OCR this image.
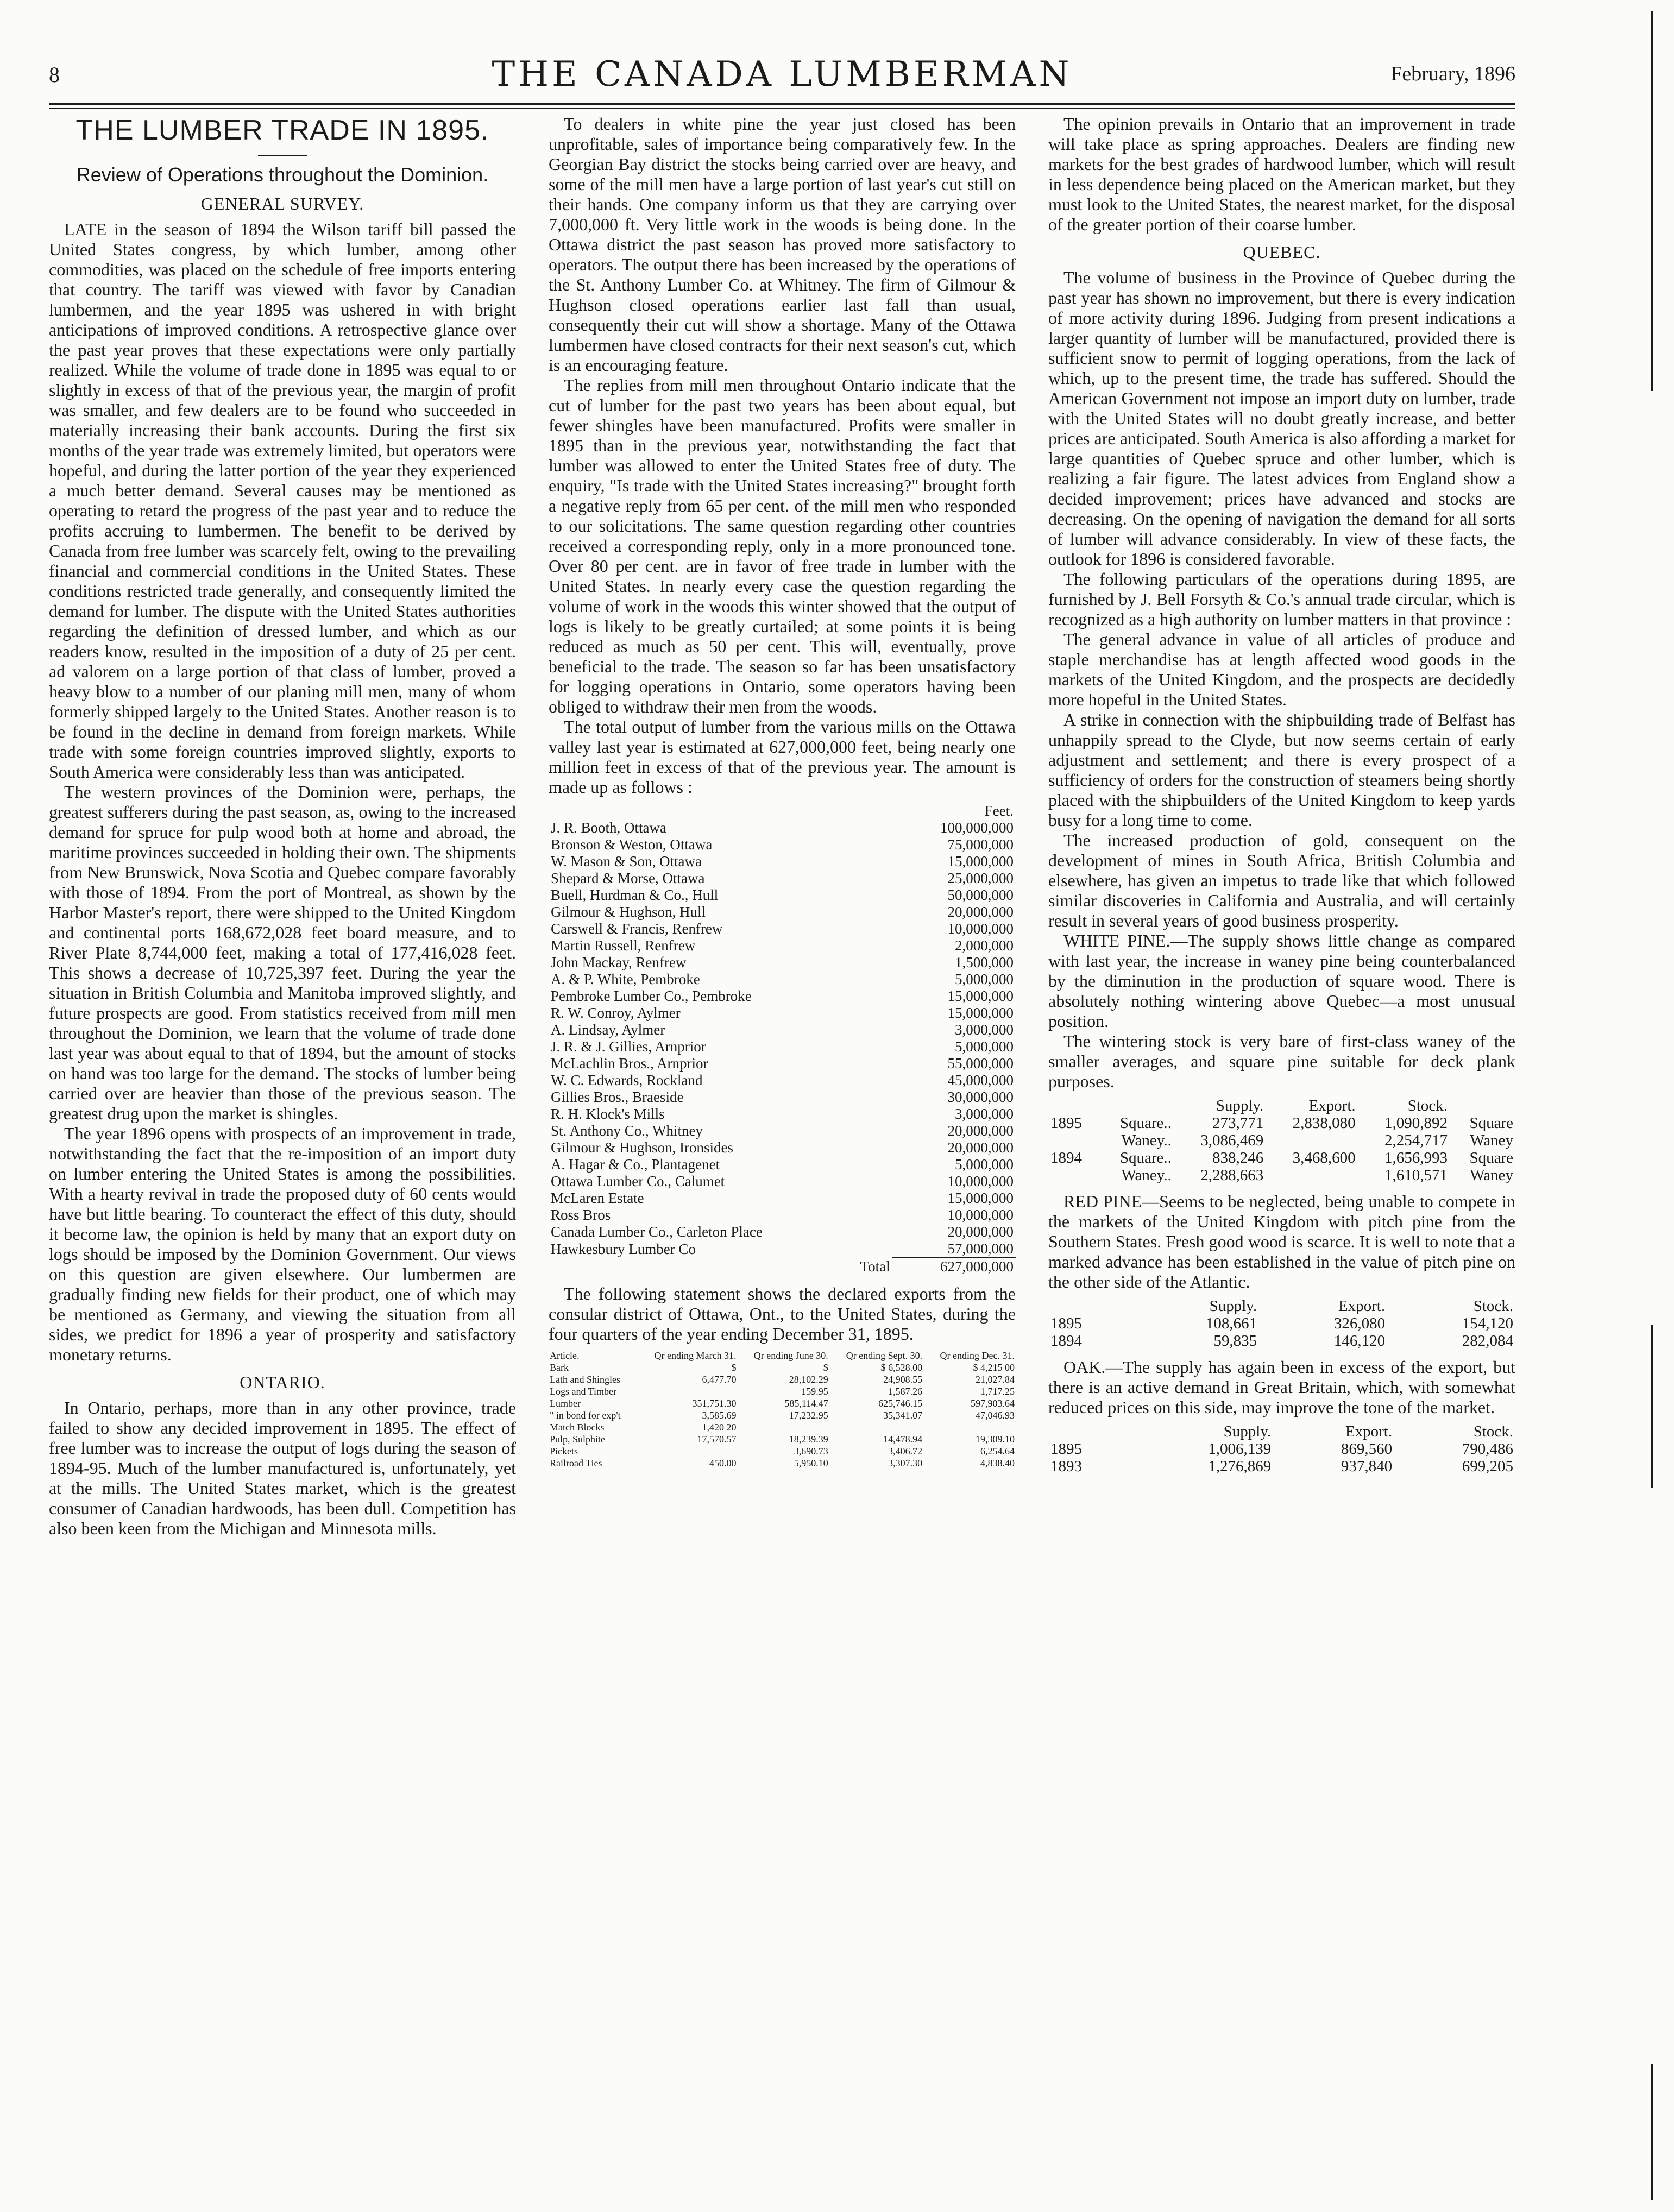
8	THE CANADA LUMBERMAN	February, 1896
THE LUMBER TRADE IN 1895.
Review of Operations throughout the Dominion.
GENERAL SURVEY.

LATE in the season of 1894 the Wilson tariff bill passed the United States congress, by which lumber, among other commodities, was placed on the schedule of free imports entering that country. The tariff was viewed with favor by Canadian lumbermen, and the year 1895 was ushered in with bright anticipations of improved conditions. A retrospective glance over the past year proves that these expectations were only partially realized. While the volume of trade done in 1895 was equal to or slightly in excess of that of the previous year, the margin of profit was smaller, and few dealers are to be found who succeeded in materially increasing their bank accounts. During the first six months of the year trade was extremely limited, but operators were hopeful, and during the latter portion of the year they experienced a much better demand. Several causes may be mentioned as operating to retard the progress of the past year and to reduce the profits accruing to lumbermen. The benefit to be derived by Canada from free lumber was scarcely felt, owing to the prevailing financial and commercial conditions in the United States. These conditions restricted trade generally, and consequently limited the demand for lumber. The dispute with the United States authorities regarding the definition of dressed lumber, and which as our readers know, resulted in the imposition of a duty of 25 per cent. ad valorem on a large portion of that class of lumber, proved a heavy blow to a number of our planing mill men, many of whom formerly shipped largely to the United States. Another reason is to be found in the decline in demand from foreign markets. While trade with some foreign countries improved slightly, exports to South America were considerably less than was anticipated.

The western provinces of the Dominion were, perhaps, the greatest sufferers during the past season, as, owing to the increased demand for spruce for pulp wood both at home and abroad, the maritime provinces succeeded in holding their own. The shipments from New Brunswick, Nova Scotia and Quebec compare favorably with those of 1894. From the port of Montreal, as shown by the Harbor Master's report, there were shipped to the United Kingdom and continental ports 168,672,028 feet board measure, and to River Plate 8,744,000 feet, making a total of 177,416,028 feet. This shows a decrease of 10,725,397 feet. During the year the situation in British Columbia and Manitoba improved slightly, and future prospects are good. From statistics received from mill men throughout the Dominion, we learn that the volume of trade done last year was about equal to that of 1894, but the amount of stocks on hand was too large for the demand. The stocks of lumber being carried over are heavier than those of the previous season. The greatest drug upon the market is shingles.

The year 1896 opens with prospects of an improvement in trade, notwithstanding the fact that the re-imposition of an import duty on lumber entering the United States is among the possibilities. With a hearty revival in trade the proposed duty of 60 cents would have but little bearing. To counteract the effect of this duty, should it become law, the opinion is held by many that an export duty on logs should be imposed by the Dominion Government. Our views on this question are given elsewhere. Our lumbermen are gradually finding new fields for their product, one of which may be mentioned as Germany, and viewing the situation from all sides, we predict for 1896 a year of prosperity and satisfactory monetary returns.

ONTARIO.

In Ontario, perhaps, more than in any other province, trade failed to show any decided improvement in 1895. The effect of free lumber was to increase the output of logs during the season of 1894-95. Much of the lumber manufactured is, unfortunately, yet at the mills. The United States market, which is the greatest consumer of Canadian hardwoods, has been dull. Competition has also been keen from the Michigan and Minnesota mills.

To dealers in white pine the year just closed has been unprofitable, sales of importance being comparatively few. In the Georgian Bay district the stocks being carried over are heavy, and some of the mill men have a large portion of last year's cut still on their hands. One company inform us that they are carrying over 7,000,000 ft. Very little work in the woods is being done. In the Ottawa district the past season has proved more satisfactory to operators. The output there has been increased by the operations of the St. Anthony Lumber Co. at Whitney. The firm of Gilmour & Hughson closed operations earlier last fall than usual, consequently their cut will show a shortage. Many of the Ottawa lumbermen have closed contracts for their next season's cut, which is an encouraging feature.

The replies from mill men throughout Ontario indicate that the cut of lumber for the past two years has been about equal, but fewer shingles have been manufactured. Profits were smaller in 1895 than in the previous year, notwithstanding the fact that lumber was allowed to enter the United States free of duty. The enquiry, "Is trade with the United States increasing?" brought forth a negative reply from 65 per cent. of the mill men who responded to our solicitations. The same question regarding other countries received a corresponding reply, only in a more pronounced tone. Over 80 per cent. are in favor of free trade in lumber with the United States. In nearly every case the question regarding the volume of work in the woods this winter showed that the output of logs is likely to be greatly curtailed; at some points it is being reduced as much as 50 per cent. This will, eventually, prove beneficial to the trade. The season so far has been unsatisfactory for logging operations in Ontario, some operators having been obliged to withdraw their men from the woods.

The total output of lumber from the various mills on the Ottawa valley last year is estimated at 627,000,000 feet, being nearly one million feet in excess of that of the previous year. The amount is made up as follows :

	Feet.
J. R. Booth, Ottawa	100,000,000
Bronson & Weston, Ottawa	75,000,000
W. Mason & Son, Ottawa	15,000,000
Shepard & Morse, Ottawa	25,000,000
Buell, Hurdman & Co., Hull	50,000,000
Gilmour & Hughson, Hull	20,000,000
Carswell & Francis, Renfrew	10,000,000
Martin Russell, Renfrew	2,000,000
John Mackay, Renfrew	1,500,000
A. & P. White, Pembroke	5,000,000
Pembroke Lumber Co., Pembroke	15,000,000
R. W. Conroy, Aylmer	15,000,000
A. Lindsay, Aylmer	3,000,000
J. R. & J. Gillies, Arnprior	5,000,000
McLachlin Bros., Arnprior	55,000,000
W. C. Edwards, Rockland	45,000,000
Gillies Bros., Braeside	30,000,000
R. H. Klock's Mills	3,000,000
St. Anthony Co., Whitney	20,000,000
Gilmour & Hughson, Ironsides	20,000,000
A. Hagar & Co., Plantagenet	5,000,000
Ottawa Lumber Co., Calumet	10,000,000
McLaren Estate	15,000,000
Ross Bros	10,000,000
Canada Lumber Co., Carleton Place	20,000,000
Hawkesbury Lumber Co	57,000,000
Total	627,000,000

The following statement shows the declared exports from the consular district of Ottawa, Ont., to the United States, during the four quarters of the year ending December 31, 1895.

Article.	Qr ending March 31.	Qr ending June 30.	Qr ending Sept. 30.	Qr ending Dec. 31.
Bark	$	$	$ 6,528.00	$ 4,215 00
Lath and Shingles	6,477.70	28,102.29	24,908.55	21,027.84
Logs and Timber		159.95	1,587.26	1,717.25
Lumber	351,751.30	585,114.47	625,746.15	597,903.64
" in bond for exp't	3,585.69	17,232.95	35,341.07	47,046.93
Match Blocks	1,420 20			
Pulp, Sulphite	17,570.57	18,239.39	14,478.94	19,309.10
Pickets		3,690.73	3,406.72	6,254.64
Railroad Ties	450.00	5,950.10	3,307.30	4,838.40

The opinion prevails in Ontario that an improvement in trade will take place as spring approaches. Dealers are finding new markets for the best grades of hardwood lumber, which will result in less dependence being placed on the American market, but they must look to the United States, the nearest market, for the disposal of the greater portion of their coarse lumber.

QUEBEC.

The volume of business in the Province of Quebec during the past year has shown no improvement, but there is every indication of more activity during 1896. Judging from present indications a larger quantity of lumber will be manufactured, provided there is sufficient snow to permit of logging operations, from the lack of which, up to the present time, the trade has suffered. Should the American Government not impose an import duty on lumber, trade with the United States will no doubt greatly increase, and better prices are anticipated. South America is also affording a market for large quantities of Quebec spruce and other lumber, which is realizing a fair figure. The latest advices from England show a decided improvement; prices have advanced and stocks are decreasing. On the opening of navigation the demand for all sorts of lumber will advance considerably. In view of these facts, the outlook for 1896 is considered favorable.

The following particulars of the operations during 1895, are furnished by J. Bell Forsyth & Co.'s annual trade circular, which is recognized as a high authority on lumber matters in that province :

The general advance in value of all articles of produce and staple merchandise has at length affected wood goods in the markets of the United Kingdom, and the prospects are decidedly more hopeful in the United States.

A strike in connection with the shipbuilding trade of Belfast has unhappily spread to the Clyde, but now seems certain of early adjustment and settlement; and there is every prospect of a sufficiency of orders for the construction of steamers being shortly placed with the shipbuilders of the United Kingdom to keep yards busy for a long time to come.

The increased production of gold, consequent on the development of mines in South Africa, British Columbia and elsewhere, has given an impetus to trade like that which followed similar discoveries in California and Australia, and will certainly result in several years of good business prosperity.

WHITE PINE.—The supply shows little change as compared with last year, the increase in waney pine being counterbalanced by the diminution in the production of square wood. There is absolutely nothing wintering above Quebec—a most unusual position.

The wintering stock is very bare of first-class waney of the smaller averages, and square pine suitable for deck plank purposes.

		Supply.	Export.	Stock.	
1895	Square..	273,771	2,838,080	1,090,892	Square
	Waney..	3,086,469		2,254,717	Waney
1894	Square..	838,246	3,468,600	1,656,993	Square
	Waney..	2,288,663		1,610,571	Waney

RED PINE—Seems to be neglected, being unable to compete in the markets of the United Kingdom with pitch pine from the Southern States. Fresh good wood is scarce. It is well to note that a marked advance has been established in the value of pitch pine on the other side of the Atlantic.

	Supply.	Export.	Stock.
1895	108,661	326,080	154,120
1894	59,835	146,120	282,084

OAK.—The supply has again been in excess of the export, but there is an active demand in Great Britain, which, with somewhat reduced prices on this side, may improve the tone of the market.

	Supply.	Export.	Stock.
1895	1,006,139	869,560	790,486
1893	1,276,869	937,840	699,205
